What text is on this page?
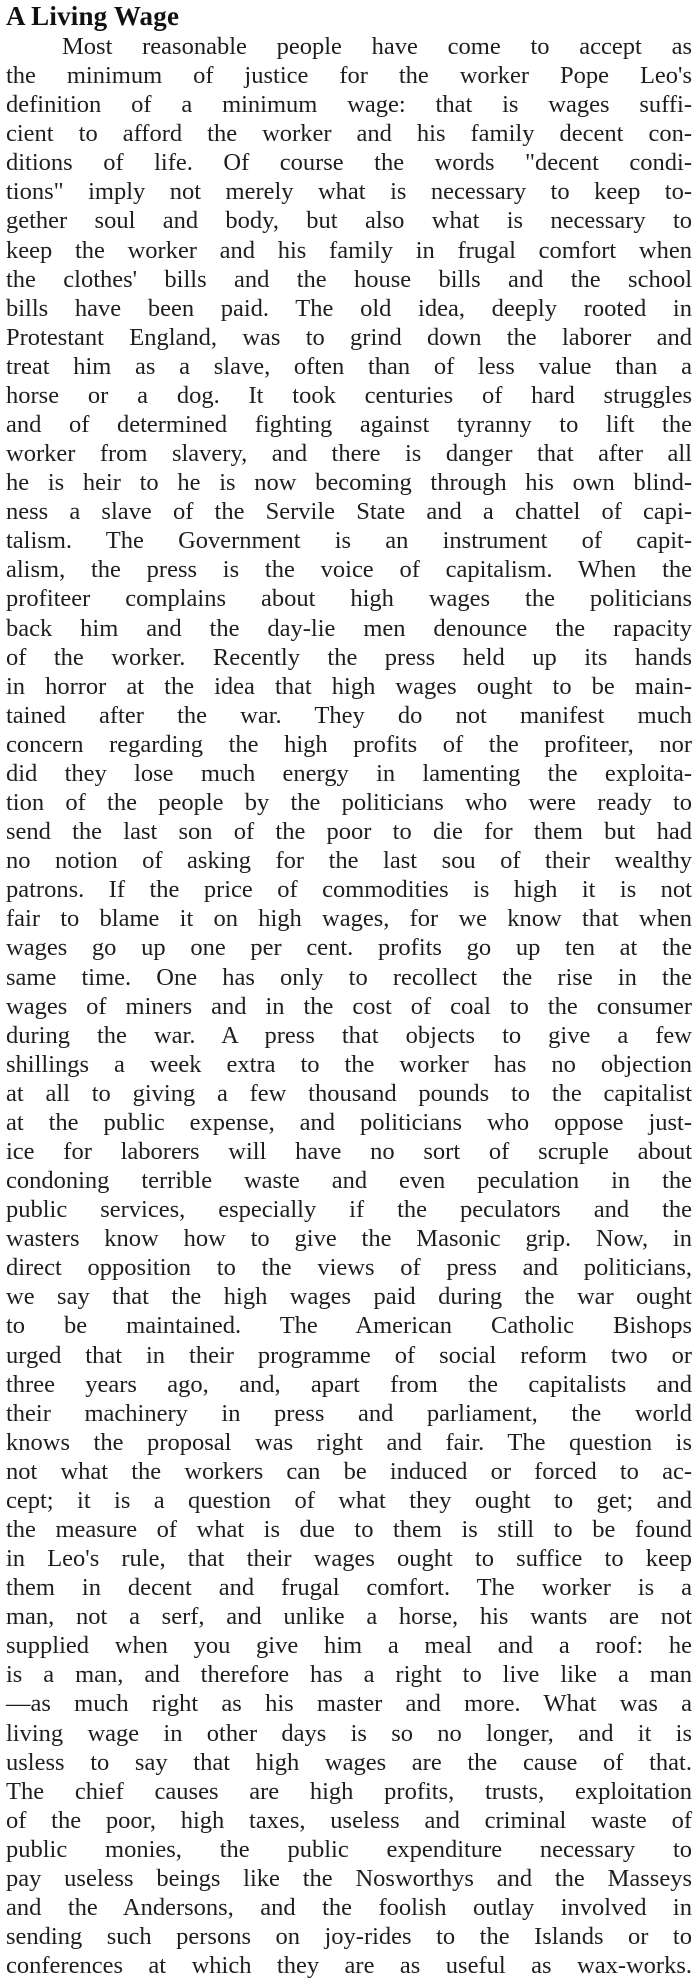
A Living Wage
Most reasonable people have come to accept as
the minimum of justice for the worker Pope Leo's
definition of a minimum wage: that is wages suffi-
cient to afford the worker and his family decent con-
ditions of life. Of course the words "decent condi-
tions" imply not merely what is necessary to keep to-
gether soul and body, but also what is necessary to
keep the worker and his family in frugal comfort when
the clothes' bills and the house bills and the school
bills have been paid. The old idea, deeply rooted in
Protestant England, was to grind down the laborer and
treat him as a slave, often than of less value than a
horse or a dog. It took centuries of hard struggles
and of determined fighting against tyranny to lift the
worker from slavery, and there is danger that after all
he is heir to he is now becoming through his own blind-
ness a slave of the Servile State and a chattel of capi-
talism. The Government is an instrument of capit-
alism, the press is the voice of capitalism. When the
profiteer complains about high wages the politicians
back him and the day-lie men denounce the rapacity
of the worker. Recently the press held up its hands
in horror at the idea that high wages ought to be main-
tained after the war. They do not manifest much
concern regarding the high profits of the profiteer, nor
did they lose much energy in lamenting the exploita-
tion of the people by the politicians who were ready to
send the last son of the poor to die for them but had
no notion of asking for the last sou of their wealthy
patrons. If the price of commodities is high it is not
fair to blame it on high wages, for we know that when
wages go up one per cent. profits go up ten at the
same time. One has only to recollect the rise in the
wages of miners and in the cost of coal to the consumer
during the war. A press that objects to give a few
shillings a week extra to the worker has no objection
at all to giving a few thousand pounds to the capitalist
at the public expense, and politicians who oppose just-
ice for laborers will have no sort of scruple about
condoning terrible waste and even peculation in the
public services, especially if the peculators and the
wasters know how to give the Masonic grip. Now, in
direct opposition to the views of press and politicians,
we say that the high wages paid during the war ought
to be maintained. The American Catholic Bishops
urged that in their programme of social reform two or
three years ago, and, apart from the capitalists and
their machinery in press and parliament, the world
knows the proposal was right and fair. The question is
not what the workers can be induced or forced to ac-
cept; it is a question of what they ought to get; and
the measure of what is due to them is still to be found
in Leo's rule, that their wages ought to suffice to keep
them in decent and frugal comfort. The worker is a
man, not a serf, and unlike a horse, his wants are not
supplied when you give him a meal and a roof: he
is a man, and therefore has a right to live like a man
—as much right as his master and more. What was a
living wage in other days is so no longer, and it is
usless to say that high wages are the cause of that.
The chief causes are high profits, trusts, exploitation
of the poor, high taxes, useless and criminal waste of
public monies, the public expenditure necessary to
pay useless beings like the Nosworthys and the Masseys
and the Andersons, and the foolish outlay involved in
sending such persons on joy-rides to the Islands or to
conferences at which they are as useful as wax-works.
